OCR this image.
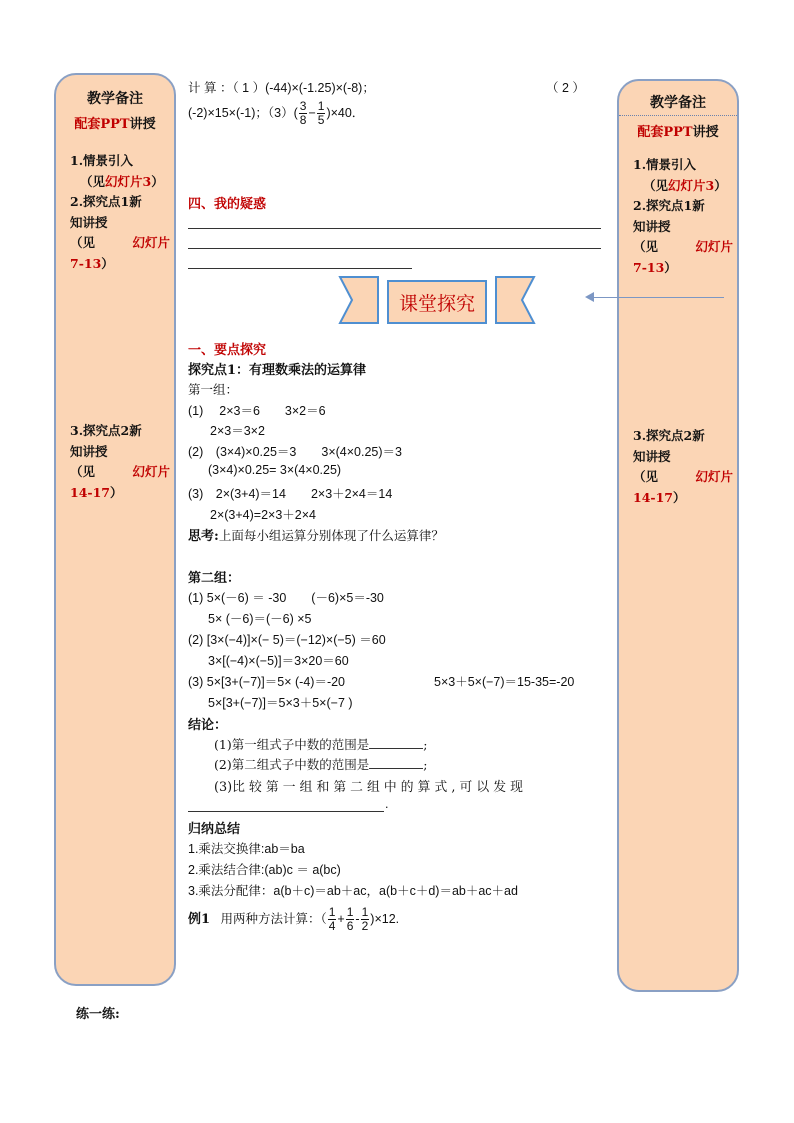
教学备注
配套PPT讲授
1.情景引入
（见幻灯片3）
2.探究点1新
知讲授
（见	幻灯片
7-13）
3.探究点2新
知讲授
（见	幻灯片
14-17）
教学备注
配套PPT讲授
1.情景引入
（见幻灯片3）
2.探究点1新
知讲授
（见	幻灯片
7-13）
3.探究点2新
知讲授
（见	幻灯片
14-17）
计 算 ：（ 1 ）(-44)×(-1.25)×(-8)；	（ 2 ）
(-2)×15×(-1)；$(3)( \frac{3}{8} - \frac{1}{5} )\times 40$．
四、我的疑惑
一、要点探究
探究点1：有理数乘法的运算律
第一组：
(1)　 2×3＝6　　3×2＝6
2×3＝3×2
(2)　(3×4)×0.25＝3　　3×(4×0.25)＝3
(3×4)×0.25= 3×(4×0.25)
(3)　2×(3+4)＝14　　2×3＋2×4＝14
2×(3+4)=2×3＋2×4
思考:上面每小组运算分别体现了什么运算律？
第二组：
(1) 5×(－6) ＝ -30　　(－6)×5＝-30
5× (－6)＝(－6) ×5
(2) [3×(−4)]×(− 5)＝(−12)×(−5) ＝60
3×[(−4)×(−5)]＝3×20＝60
(3) 5×[3+(−7)]＝5× (-4)＝-20	5×3＋5×(−7)＝15-35=-20
5×[3+(−7)]＝5×3＋5×(−7 )
结论：
(1)第一组式子中数的范围是	;
(2)第二组式子中数的范围是	;
(3)比 较 第 一 组 和 第 二 组 中 的 算 式 , 可 以 发 现
.
归纳总结
1.乘法交换律:ab＝ba
2.乘法结合律:(ab)c ＝ a(bc)
3.乘法分配律：a(b＋c)＝ab＋ac，a(b＋c＋d)＝ab＋ac＋ad
例1 用两种方法计算：（ $\frac{1}{4} + \frac{1}{6} - \frac{1}{2} )\times 12$.
课堂探究
练一练:
